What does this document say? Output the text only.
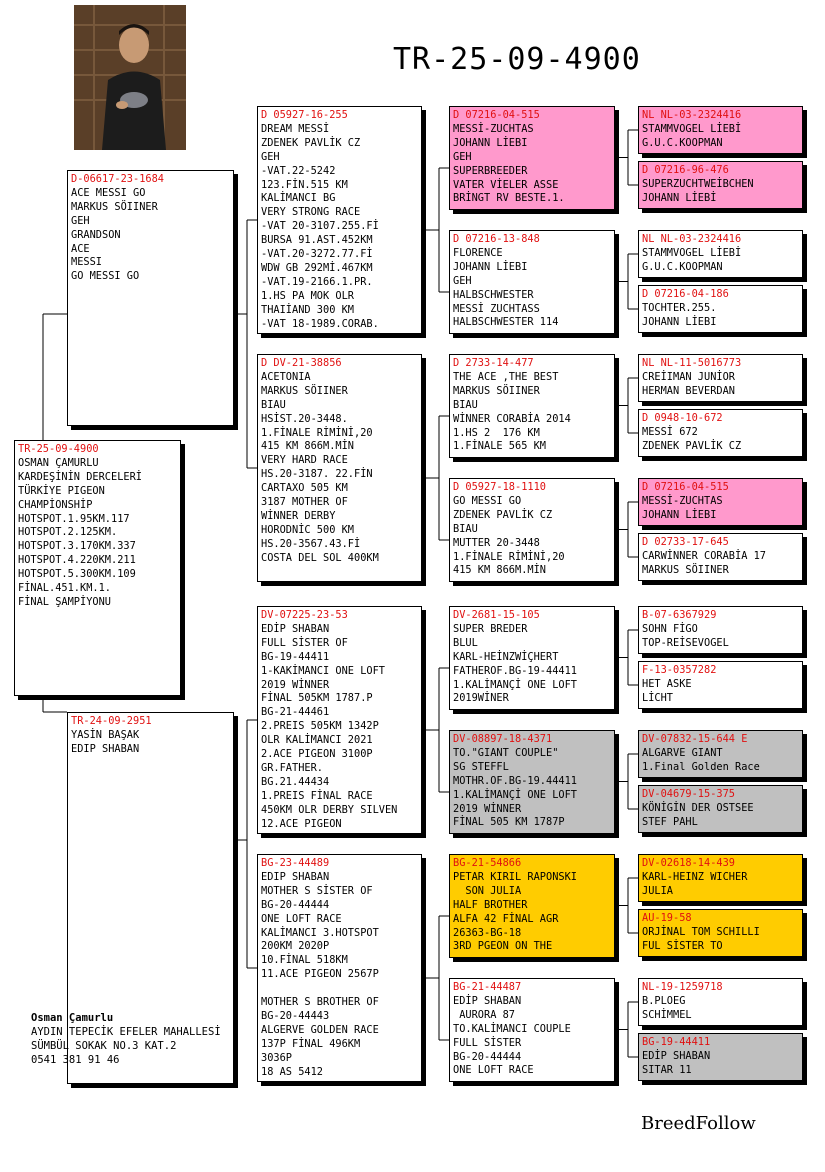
TR-25-09-4900
TR-25-09-4900
OSMAN ÇAMURLU
KARDEŞİNİN DERCELERİ
TÜRKİYE PIGEON
CHAMPİONSHİP
HOTSPOT.1.95KM.117
HOTSPOT.2.125KM.
HOTSPOT.3.170KM.337
HOTSPOT.4.220KM.211
HOTSPOT.5.300KM.109
FİNAL.451.KM.1.
FİNAL ŞAMPİYONU
D-06617-23-1684
ACE MESSI GO
MARKUS SÖIINER
GEH
GRANDSON
ACE
MESSI
GO MESSI GO
TR-24-09-2951
YASİN BAŞAK
EDIP SHABAN
D 05927-16-255
DREAM MESSİ
ZDENEK PAVLİK CZ
GEH
-VAT.22-5242
123.FİN.515 KM
KALİMANCI BG
VERY STRONG RACE
-VAT 20-3107.255.Fİ
BURSA 91.AST.452KM
-VAT.20-3272.77.Fİ
WDW GB 292Mİ.467KM
-VAT.19-2166.1.PR.
1.HS PA MOK OLR
THAIİAND 300 KM
-VAT 18-1989.CORAB.
D DV-21-38856
ACETONIA
MARKUS SÖIINER
BIAU
HSİST.20-3448.
1.FİNALE RİMİNİ,20
415 KM 866M.MİN
VERY HARD RACE
HS.20-3187. 22.FİN
CARTAXO 505 KM
3187 MOTHER OF
WİNNER DERBY
HORODNİC 500 KM
HS.20-3567.43.Fİ
COSTA DEL SOL 400KM
DV-07225-23-53
EDİP SHABAN
FULL SİSTER OF
BG-19-44411
1-KAKİMANCI ONE LOFT
2019 WİNNER
FİNAL 505KM 1787.P
BG-21-44461
2.PREIS 505KM 1342P
OLR KALİMANCI 2021
2.ACE PIGEON 3100P
GR.FATHER.
BG.21.44434
1.PREIS FİNAL RACE
450KM OLR DERBY SILVEN
12.ACE PIGEON
BG-23-44489
EDIP SHABAN
MOTHER S SİSTER OF
BG-20-44444
ONE LOFT RACE
KALİMANCI 3.HOTSPOT
200KM 2020P
10.FİNAL 518KM
11.ACE PIGEON 2567P

MOTHER S BROTHER OF
BG-20-44443
ALGERVE GOLDEN RACE
137P FİNAL 496KM
3036P
18 AS 5412
D 07216-04-515
MESSİ-ZUCHTAS
JOHANN LİEBI
GEH
SUPERBREEDER
VATER VİELER ASSE
BRİNGT RV BESTE.1.
D 07216-13-848
FLORENCE
JOHANN LİEBI
GEH
HALBSCHWESTER
MESSİ ZUCHTASS
HALBSCHWESTER 114
D 2733-14-477
THE ACE ,THE BEST
MARKUS SÖIINER
BIAU
WİNNER CORABİA 2014
1.HS 2  176 KM
1.FİNALE 565 KM
D 05927-18-1110
GO MESSI GO
ZDENEK PAVLİK CZ
BIAU
MUTTER 20-3448
1.FİNALE RİMİNİ,20
415 KM 866M.MİN
DV-2681-15-105
SUPER BREDER
BLUL
KARL-HEİNZWİÇHERT
FATHEROF.BG-19-44411
1.KALİMANÇİ ONE LOFT
2019WİNER
DV-08897-18-4371
TO."GIANT COUPLE"
SG STEFFL
MOTHR.OF.BG-19.44411
1.KALİMANÇİ ONE LOFT
2019 WİNNER
FİNAL 505 KM 1787P
BG-21-54866
PETAR KIRIL RAPONSKI
SON JULIA
HALF BROTHER
ALFA 42 FİNAL AGR
26363-BG-18
3RD PGEON ON THE
BG-21-44487
EDİP SHABAN
AURORA 87
TO.KALİMANCI COUPLE
FULL SİSTER
BG-20-44444
ONE LOFT RACE
NL NL-03-2324416
STAMMVOGEL LİEBİ
G.U.C.KOOPMAN
D 07216-96-476
SUPERZUCHTWEİBCHEN
JOHANN LİEBİ
NL NL-03-2324416
STAMMVOGEL LİEBİ
G.U.C.KOOPMAN
D 07216-04-186
TOCHTER.255.
JOHANN LİEBI
NL NL-11-5016773
CREİIMAN JUNİOR
HERMAN BEVERDAN
D 0948-10-672
MESSİ 672
ZDENEK PAVLİK CZ
D 07216-04-515
MESSİ-ZUCHTAS
JOHANN LİEBI
D 02733-17-645
CARWİNNER CORABİA 17
MARKUS SÖIINER
B-07-6367929
SOHN FİGO
TOP-REİSEVOGEL
F-13-0357282
HET ASKE
LİCHT
DV-07832-15-644 E
ALGARVE GIANT
1.Final Golden Race
DV-04679-15-375
KÖNİGİN DER OSTSEE
STEF PAHL
DV-02618-14-439
KARL-HEINZ WICHER
JULIA
AU-19-58
ORJİNAL TOM SCHILLI
FUL SİSTER TO
NL-19-1259718
B.PLOEG
SCHİMMEL
BG-19-44411
EDİP SHABAN
SITAR 11
Osman Çamurlu
AYDIN TEPECİK EFELER MAHALLESİ
SÜMBÜL SOKAK NO.3 KAT.2
0541 381 91 46
BreedFollow
